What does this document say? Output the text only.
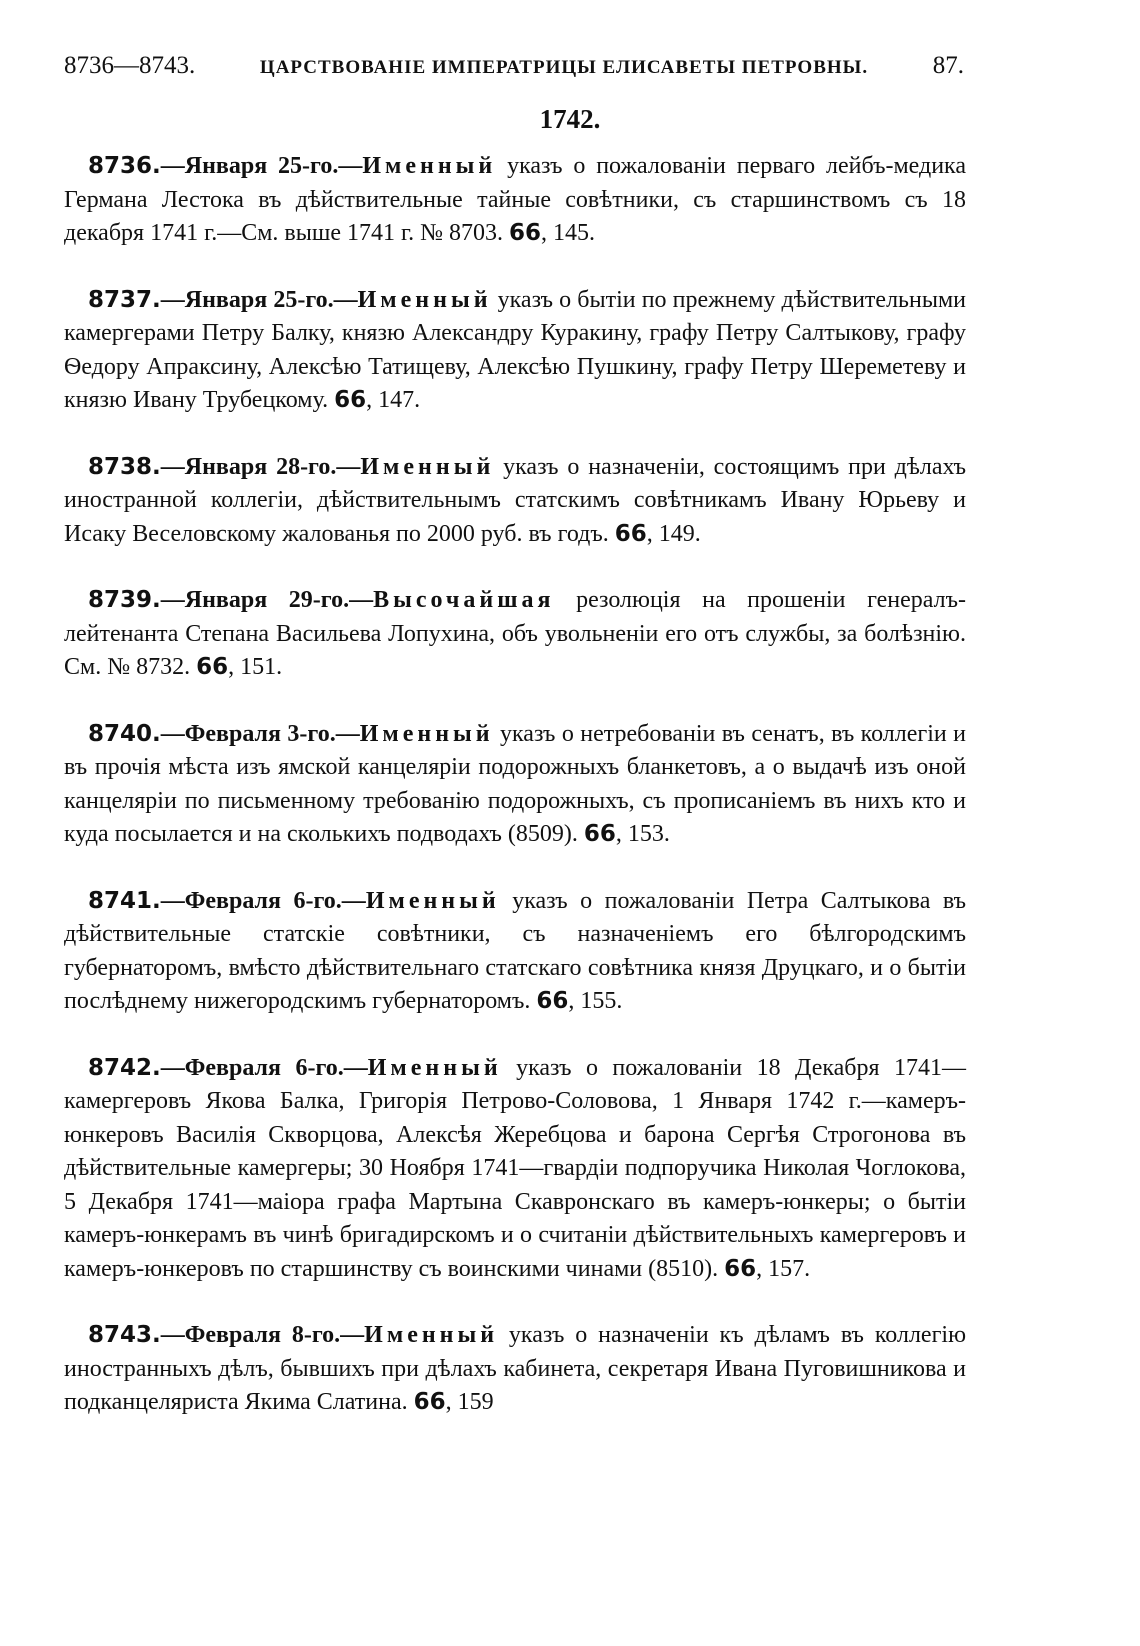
8736—8743.	ЦАРСТВОВАНІЕ ИМПЕРАТРИЦЫ ЕЛИСАВЕТЫ ПЕТРОВНЫ.	87.
1742.

8736.—Января 25-го.—Именный указъ о пожалованіи перваго лейбъ-медика Германа Лестока въ дѣйствительные тайные совѣтники, съ старшинствомъ съ 18 декабря 1741 г.—См. выше 1741 г. № 8703. 66, 145.

8737.—Января 25-го.—Именный указъ о бытіи по прежнему дѣйствительными камергерами Петру Балку, князю Александру Куракину, графу Петру Салтыкову, графу Ѳедору Апраксину, Алексѣю Татищеву, Алексѣю Пушкину, графу Петру Шереметеву и князю Ивану Трубецкому. 66, 147.

8738.—Января 28-го.—Именный указъ о назначеніи, состоящимъ при дѣлахъ иностранной коллегіи, дѣйствительнымъ статскимъ совѣтникамъ Ивану Юрьеву и Исаку Веселовскому жалованья по 2000 руб. въ годъ. 66, 149.

8739.—Января 29-го.—Высочайшая резолюція на прошеніи генералъ-лейтенанта Степана Васильева Лопухина, объ увольненіи его отъ службы, за болѣзнію. См. № 8732. 66, 151.

8740.—Февраля 3-го.—Именный указъ о нетребованіи въ сенатъ, въ коллегіи и въ прочія мѣста изъ ямской канцеляріи подорожныхъ бланкетовъ, а о выдачѣ изъ оной канцеляріи по письменному требованію подорожныхъ, съ прописаніемъ въ нихъ кто и куда посылается и на сколькихъ подводахъ (8509). 66, 153.

8741.—Февраля 6-го.—Именный указъ о пожалованіи Петра Салтыкова въ дѣйствительные статскіе совѣтники, съ назначеніемъ его бѣлгородскимъ губернаторомъ, вмѣсто дѣйствительнаго статскаго совѣтника князя Друцкаго, и о бытіи послѣднему нижегородскимъ губернаторомъ. 66, 155.

8742.—Февраля 6-го.—Именный указъ о пожалованіи 18 Декабря 1741—камергеровъ Якова Балка, Григорія Петрово-Соловова, 1 Января 1742 г.—камеръ-юнкеровъ Василія Скворцова, Алексѣя Жеребцова и барона Сергѣя Строгонова въ дѣйствительные камергеры; 30 Ноября 1741—гвардіи подпоручика Николая Чоглокова, 5 Декабря 1741—маіора графа Мартына Скавронскаго въ камеръ-юнкеры; о бытіи камеръ-юнкерамъ въ чинѣ бригадирскомъ и о считаніи дѣйствительныхъ камергеровъ и камеръ-юнкеровъ по старшинству съ воинскими чинами (8510). 66, 157.

8743.—Февраля 8-го.—Именный указъ о назначеніи къ дѣламъ въ коллегію иностранныхъ дѣлъ, бывшихъ при дѣлахъ кабинета, секретаря Ивана Пуговишникова и подканцеляриста Якима Слатина. 66, 159
